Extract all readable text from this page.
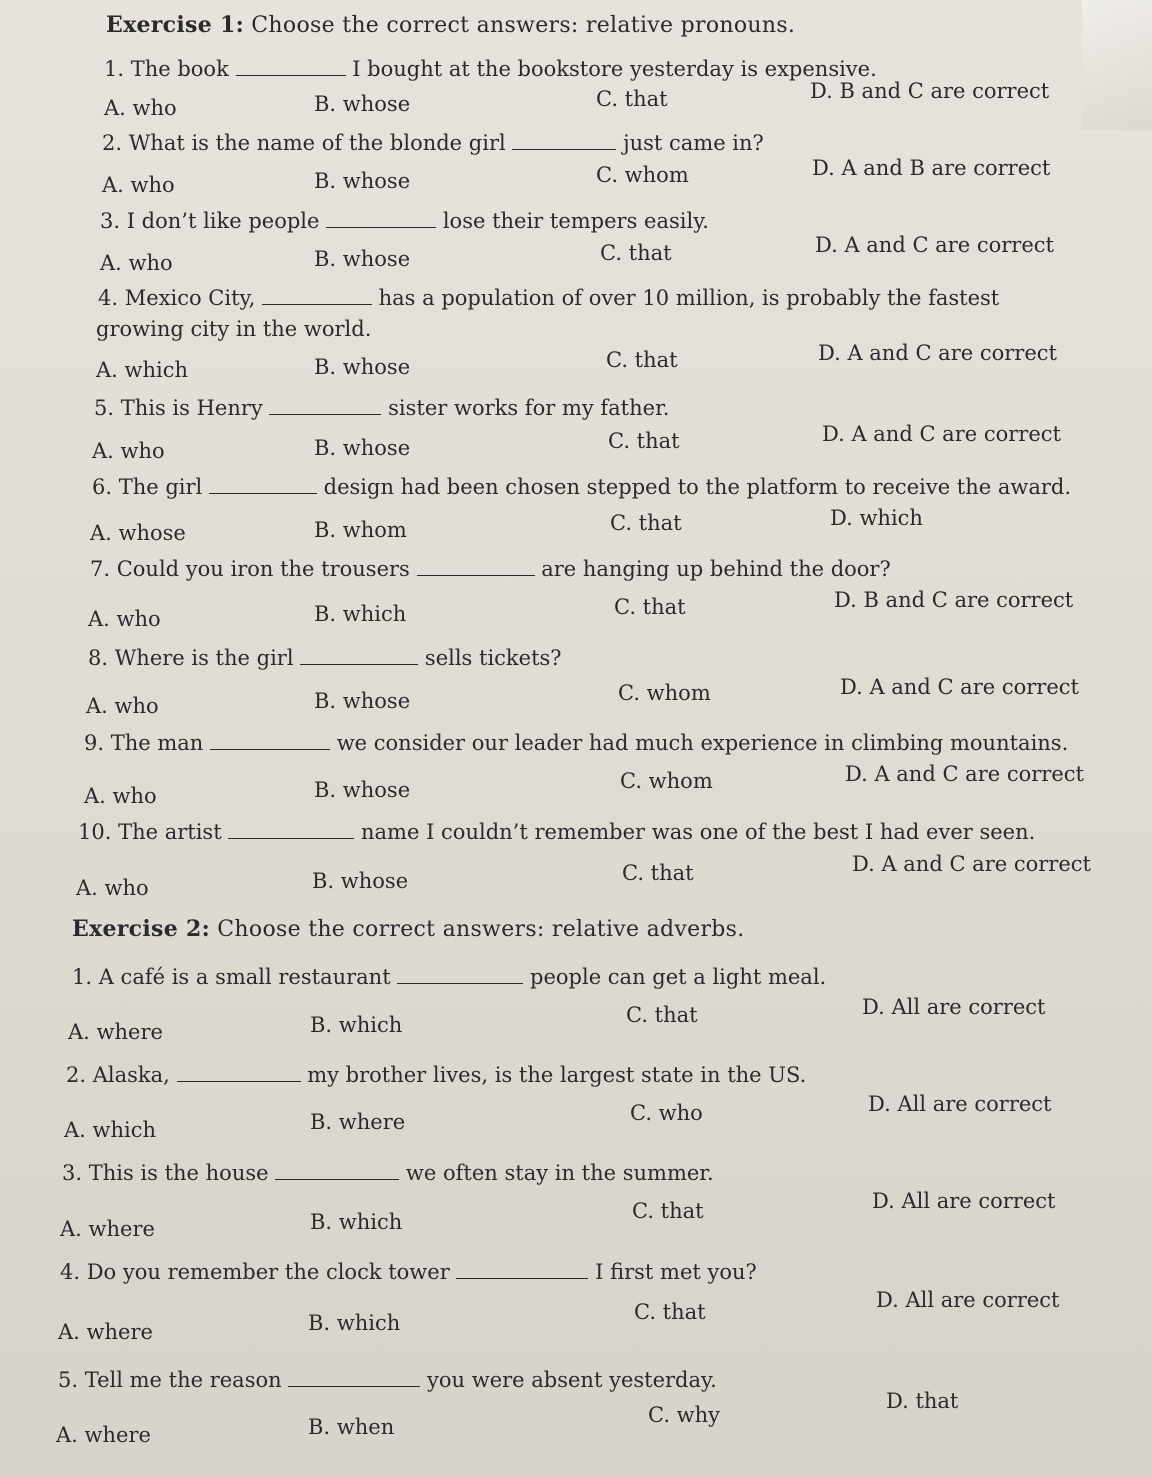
Exercise 1: Choose the correct answers: relative pronouns.
1. The book	I bought at the bookstore yesterday is expensive.
A. who	B. whose	C. that	D. B and C are correct
2. What is the name of the blonde girl	just came in?
A. who	B. whose	C. whom	D. A and B are correct
3. I don’t like people	lose their tempers easily.
A. who	B. whose	C. that	D. A and C are correct
4. Mexico City,	has a population of over 10 million, is probably the fastest
growing city in the world.
A. which	B. whose	C. that	D. A and C are correct
5. This is Henry	sister works for my father.
A. who	B. whose	C. that	D. A and C are correct
6. The girl	design had been chosen stepped to the platform to receive the award.
A. whose	B. whom	C. that	D. which
7. Could you iron the trousers	are hanging up behind the door?
A. who	B. which	C. that	D. B and C are correct
8. Where is the girl	sells tickets?
A. who	B. whose	C. whom	D. A and C are correct
9. The man	we consider our leader had much experience in climbing mountains.
A. who	B. whose	C. whom	D. A and C are correct
10. The artist	name I couldn’t remember was one of the best I had ever seen.
A. who	B. whose	C. that	D. A and C are correct
Exercise 2: Choose the correct answers: relative adverbs.
1. A café is a small restaurant	people can get a light meal.
A. where	B. which	C. that	D. All are correct
2. Alaska,	my brother lives, is the largest state in the US.
A. which	B. where	C. who	D. All are correct
3. This is the house	we often stay in the summer.
A. where	B. which	C. that	D. All are correct
4. Do you remember the clock tower	I first met you?
A. where	B. which	C. that	D. All are correct
5. Tell me the reason	you were absent yesterday.
A. where	B. when	C. why
D. that
